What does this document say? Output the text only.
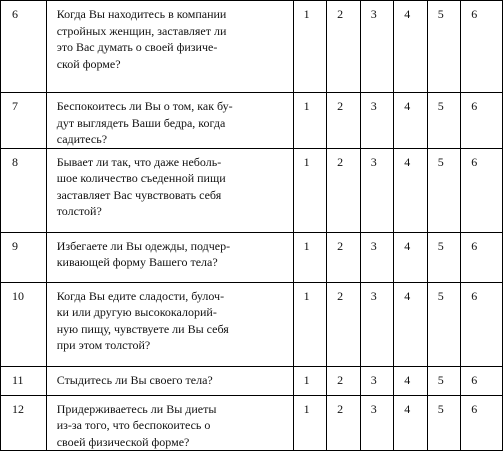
6	Когда Вы находитесь в компании
стройных женщин, заставляет ли
это Вас думать о своей физиче-
ской форме?	1	2	3	4	5	6
7	Беспокоитесь ли Вы о том, как бу-
дут выглядеть Ваши бедра, когда
садитесь?	1	2	3	4	5	6
8	Бывает ли так, что даже неболь-
шое количество съеденной пищи
заставляет Вас чувствовать себя
толстой?	1	2	3	4	5	6
9	Избегаете ли Вы одежды, подчер-
кивающей форму Вашего тела?	1	2	3	4	5	6
10	Когда Вы едите сладости, булоч-
ки или другую высококалорий-
ную пищу, чувствуете ли Вы себя
при этом толстой?	1	2	3	4	5	6
11	Стыдитесь ли Вы своего тела?	1	2	3	4	5	6
12	Придерживаетесь ли Вы диеты
из-за того, что беспокоитесь о
своей физической форме?	1	2	3	4	5	6
